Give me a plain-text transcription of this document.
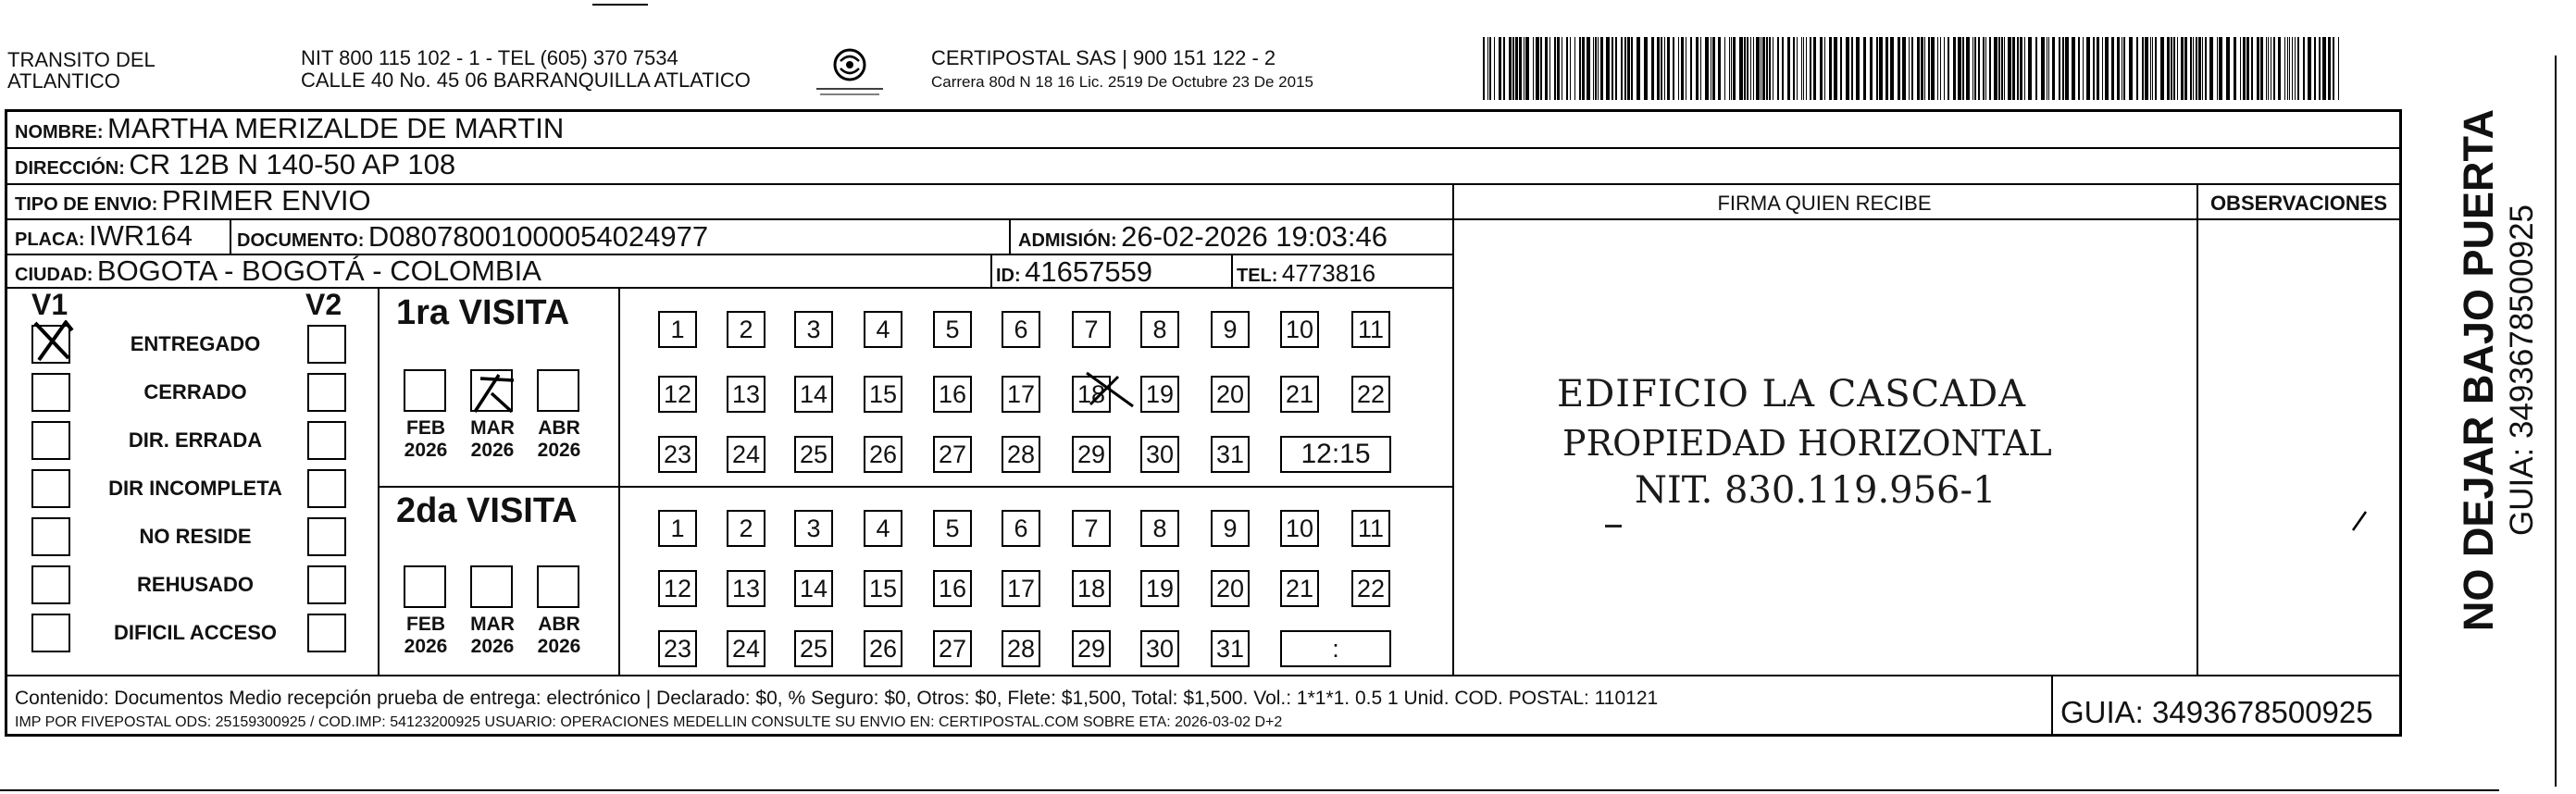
TRANSITO DEL
ATLANTICO
NIT 800 115 102 - 1 - TEL (605) 370 7534
CALLE 40 No. 45 06 BARRANQUILLA ATLATICO
CERTIPOSTAL SAS | 900 151 122 - 2
Carrera 80d N 18 16 Lic. 2519 De Octubre 23 De 2015
NOMBRE: MARTHA MERIZALDE DE MARTIN
DIRECCIÓN: CR 12B N 140-50 AP 108
TIPO DE ENVIO: PRIMER ENVIO
PLACA: IWR164 DOCUMENTO: D08078001000054024977	ADMISIÓN: 26-02-2026 19:03:46
CIUDAD: BOGOTA - BOGOTÁ - COLOMBIA	ID: 41657559	TEL: 4773816
FIRMA QUIEN RECIBE	OBSERVACIONES
V1	V2
ENTREGADO
CERRADO
DIR. ERRADA
DIR INCOMPLETA
NO RESIDE
REHUSADO
DIFICIL ACCESO
1ra VISITA
2da VISITA
FEB
2026
MAR
2026
ABR
2026
FEB
2026
MAR
2026
ABR
2026
1	2	3	4	5	6	7	8	9	10 11
12 13 14 15 16 17 18 19 20 21 22
23 24 25 26 27 28 29 30 31	12:15
1	2	3	4	5	6	7	8	9	10 11
12 13 14 15 16 17 18 19 20 21 22
23 24 25 26 27 28 29 30 31	:
EDIFICIO LA CASCADA
PROPIEDAD HORIZONTAL
NIT. 830.119.956-1
Contenido: Documentos Medio recepción prueba de entrega: electrónico | Declarado: $0, % Seguro: $0, Otros: $0, Flete: $1,500, Total: $1,500. Vol.: 1*1*1. 0.5 1 Unid. COD. POSTAL: 110121
IMP POR FIVEPOSTAL ODS: 25159300925 / COD.IMP: 54123200925 USUARIO: OPERACIONES MEDELLIN CONSULTE SU ENVIO EN: CERTIPOSTAL.COM SOBRE ETA: 2026-03-02 D+2	GUIA: 3493678500925
NO DEJAR BAJO PUERTA GUIA: 3493678500925
